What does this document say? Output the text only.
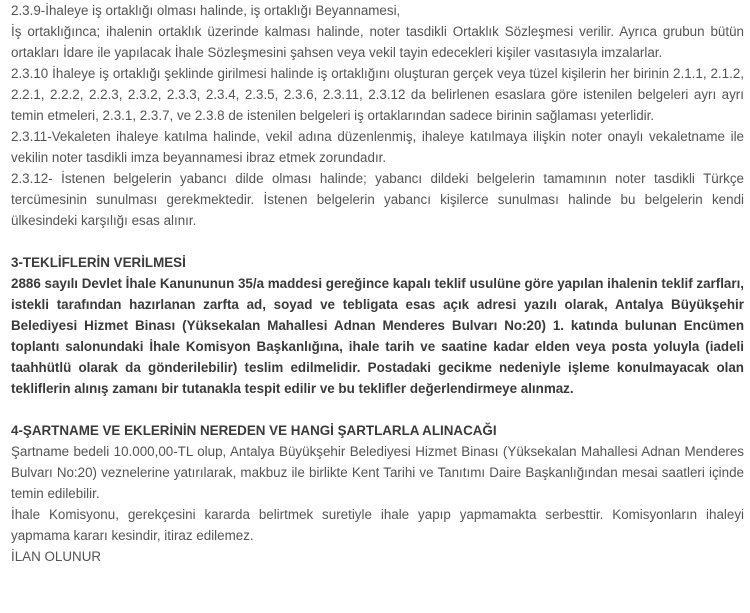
2.3.9-İhaleye iş ortaklığı olması halinde, iş ortaklığı Beyannamesi,

İş ortaklığınca; ihalenin ortaklık üzerinde kalması halinde, noter tasdikli Ortaklık Sözleşmesi verilir. Ayrıca grubun bütün ortakları İdare ile yapılacak İhale Sözleşmesini şahsen veya vekil tayin edecekleri kişiler vasıtasıyla imzalarlar.

2.3.10 İhaleye iş ortaklığı şeklinde girilmesi halinde iş ortaklığını oluşturan gerçek veya tüzel kişilerin her birinin 2.1.1, 2.1.2, 2.2.1, 2.2.2, 2.2.3, 2.3.2, 2.3.3, 2.3.4, 2.3.5, 2.3.6, 2.3.11, 2.3.12 da belirlenen esaslara göre istenilen belgeleri ayrı ayrı temin etmeleri, 2.3.1, 2.3.7, ve 2.3.8 de istenilen belgeleri iş ortaklarından sadece birinin sağlaması yeterlidir.

2.3.11-Vekaleten ihaleye katılma halinde, vekil adına düzenlenmiş, ihaleye katılmaya ilişkin noter onaylı vekaletname ile vekilin noter tasdikli imza beyannamesi ibraz etmek zorundadır.

2.3.12- İstenen belgelerin yabancı dilde olması halinde; yabancı dildeki belgelerin tamamının noter tasdikli Türkçe tercümesinin sunulması gerekmektedir. İstenen belgelerin yabancı kişilerce sunulması halinde bu belgelerin kendi ülkesindeki karşılığı esas alınır.

3-TEKLİFLERİN VERİLMESİ

2886 sayılı Devlet İhale Kanununun 35/a maddesi gereğince kapalı teklif usulüne göre yapılan ihalenin teklif zarfları, istekli tarafından hazırlanan zarfta ad, soyad ve tebligata esas açık adresi yazılı olarak, Antalya Büyükşehir Belediyesi Hizmet Binası (Yüksekalan Mahallesi Adnan Menderes Bulvarı No:20) 1. katında bulunan Encümen toplantı salonundaki İhale Komisyon Başkanlığına, ihale tarih ve saatine kadar elden veya posta yoluyla (iadeli taahhütlü olarak da gönderilebilir) teslim edilmelidir. Postadaki gecikme nedeniyle işleme konulmayacak olan tekliflerin alınış zamanı bir tutanakla tespit edilir ve bu teklifler değerlendirmeye alınmaz.

4-ŞARTNAME VE EKLERİNİN NEREDEN VE HANGİ ŞARTLARLA ALINACAĞI

Şartname bedeli 10.000,00-TL olup, Antalya Büyükşehir Belediyesi Hizmet Binası (Yüksekalan Mahallesi Adnan Menderes Bulvarı No:20) veznelerine yatırılarak, makbuz ile birlikte Kent Tarihi ve Tanıtımı Daire Başkanlığından mesai saatleri içinde temin edilebilir.

İhale Komisyonu, gerekçesini kararda belirtmek suretiyle ihale yapıp yapmamakta serbesttir. Komisyonların ihaleyi yapmama kararı kesindir, itiraz edilemez.

İLAN OLUNUR
